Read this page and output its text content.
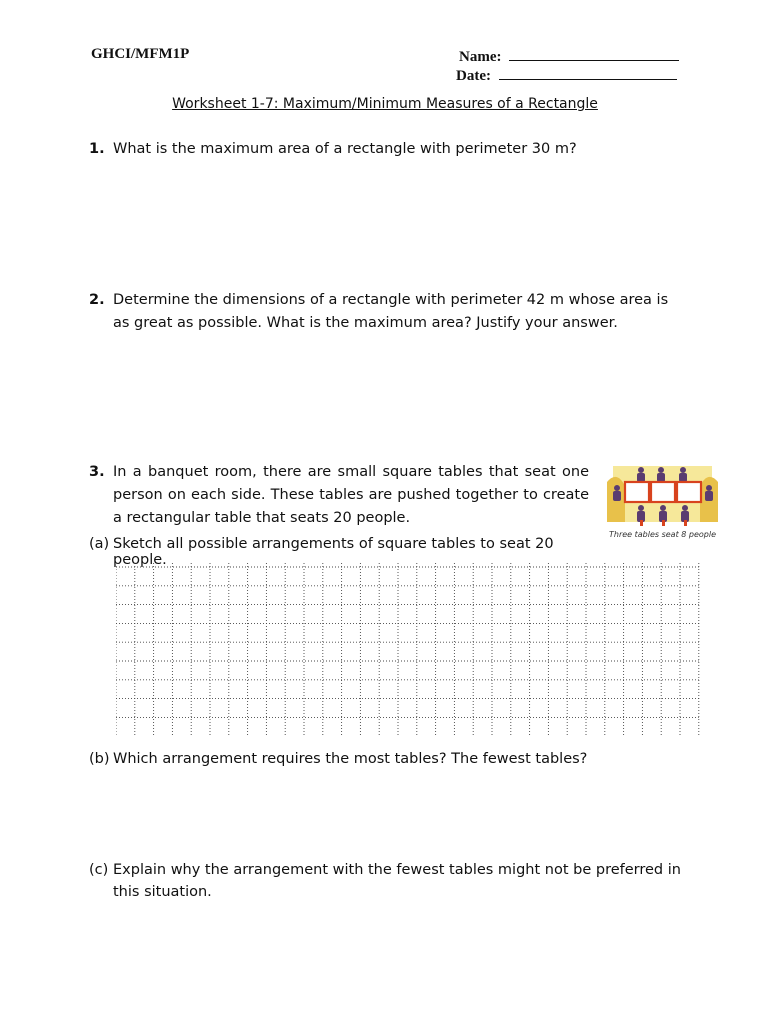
GHCI/MFM1P	Name:
Date:
Worksheet 1-7: Maximum/Minimum Measures of a Rectangle
1. What is the maximum area of a rectangle with perimeter 30 m?
2. Determine the dimensions of a rectangle with perimeter 42 m whose area is as great as possible. What is the maximum area? Justify your answer.
3. In a banquet room, there are small square tables that seat one person on each side. These tables are pushed together to create a rectangular table that seats 20 people.
Three tables seat 8 people
(a) Sketch all possible arrangements of square tables to seat 20 people.
(b) Which arrangement requires the most tables? The fewest tables?
(c) Explain why the arrangement with the fewest tables might not be preferred in this situation.
